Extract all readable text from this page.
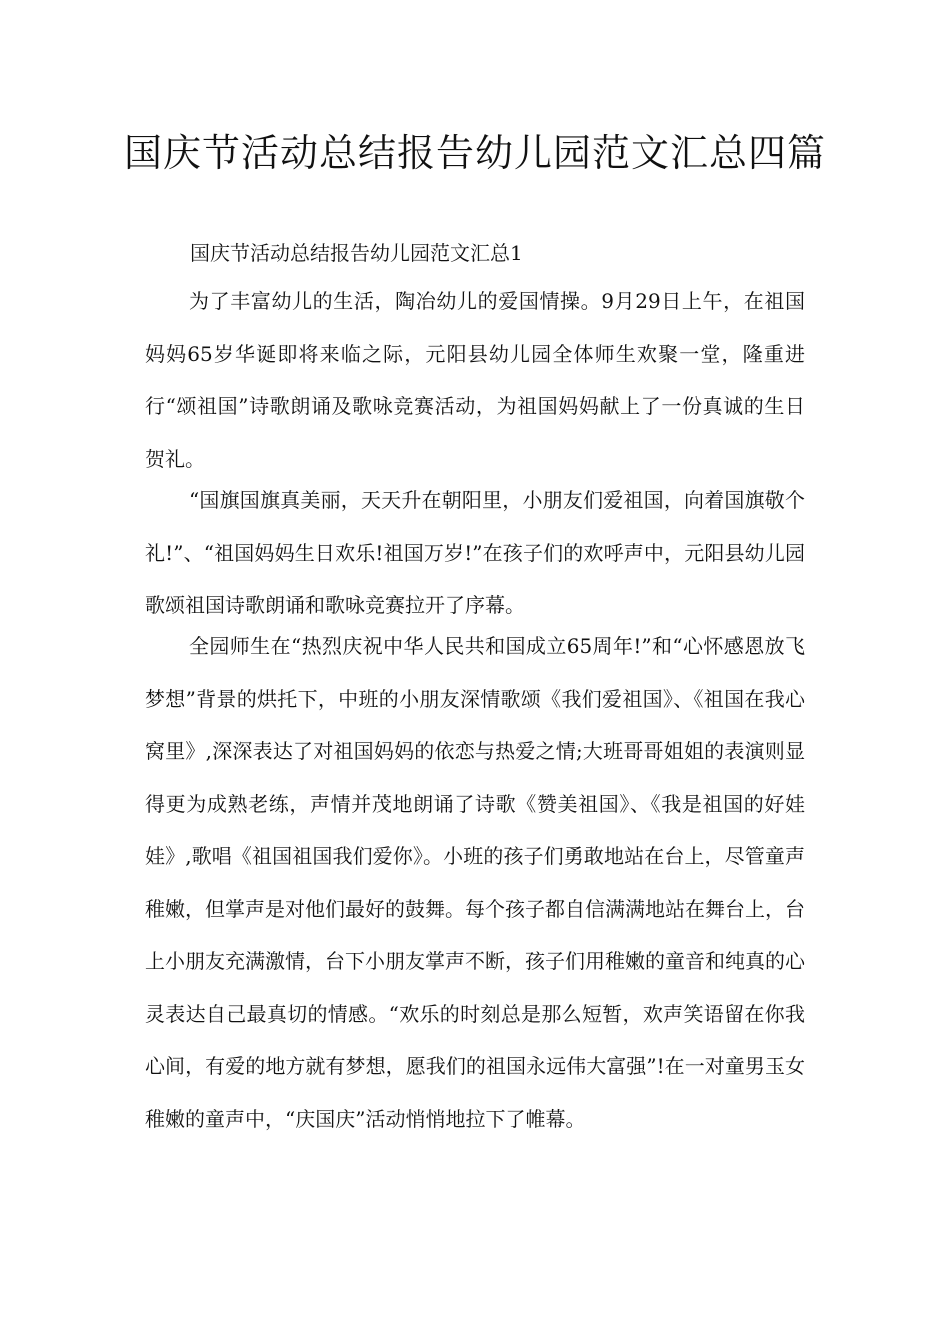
国庆节活动总结报告幼儿园范文汇总四篇

国庆节活动总结报告幼儿园范文汇总1

为了丰富幼儿的生活，陶冶幼儿的爱国情操。9月29日上午，在祖国妈妈65岁华诞即将来临之际，元阳县幼儿园全体师生欢聚一堂，隆重进行“颂祖国”诗歌朗诵及歌咏竞赛活动，为祖国妈妈献上了一份真诚的生日贺礼。

“国旗国旗真美丽，天天升在朝阳里，小朋友们爱祖国，向着国旗敬个礼!”、“祖国妈妈生日欢乐!祖国万岁!”在孩子们的欢呼声中，元阳县幼儿园歌颂祖国诗歌朗诵和歌咏竞赛拉开了序幕。

全园师生在“热烈庆祝中华人民共和国成立65周年!”和“心怀感恩放飞梦想”背景的烘托下，中班的小朋友深情歌颂《我们爱祖国》、《祖国在我心窝里》,深深表达了对祖国妈妈的依恋与热爱之情;大班哥哥姐姐的表演则显得更为成熟老练，声情并茂地朗诵了诗歌《赞美祖国》、《我是祖国的好娃娃》,歌唱《祖国祖国我们爱你》。小班的孩子们勇敢地站在台上，尽管童声稚嫩，但掌声是对他们最好的鼓舞。每个孩子都自信满满地站在舞台上，台上小朋友充满激情，台下小朋友掌声不断，孩子们用稚嫩的童音和纯真的心灵表达自己最真切的情感。“欢乐的时刻总是那么短暂，欢声笑语留在你我心间，有爱的地方就有梦想，愿我们的祖国永远伟大富强”!在一对童男玉女稚嫩的童声中，“庆国庆”活动悄悄地拉下了帷幕。
